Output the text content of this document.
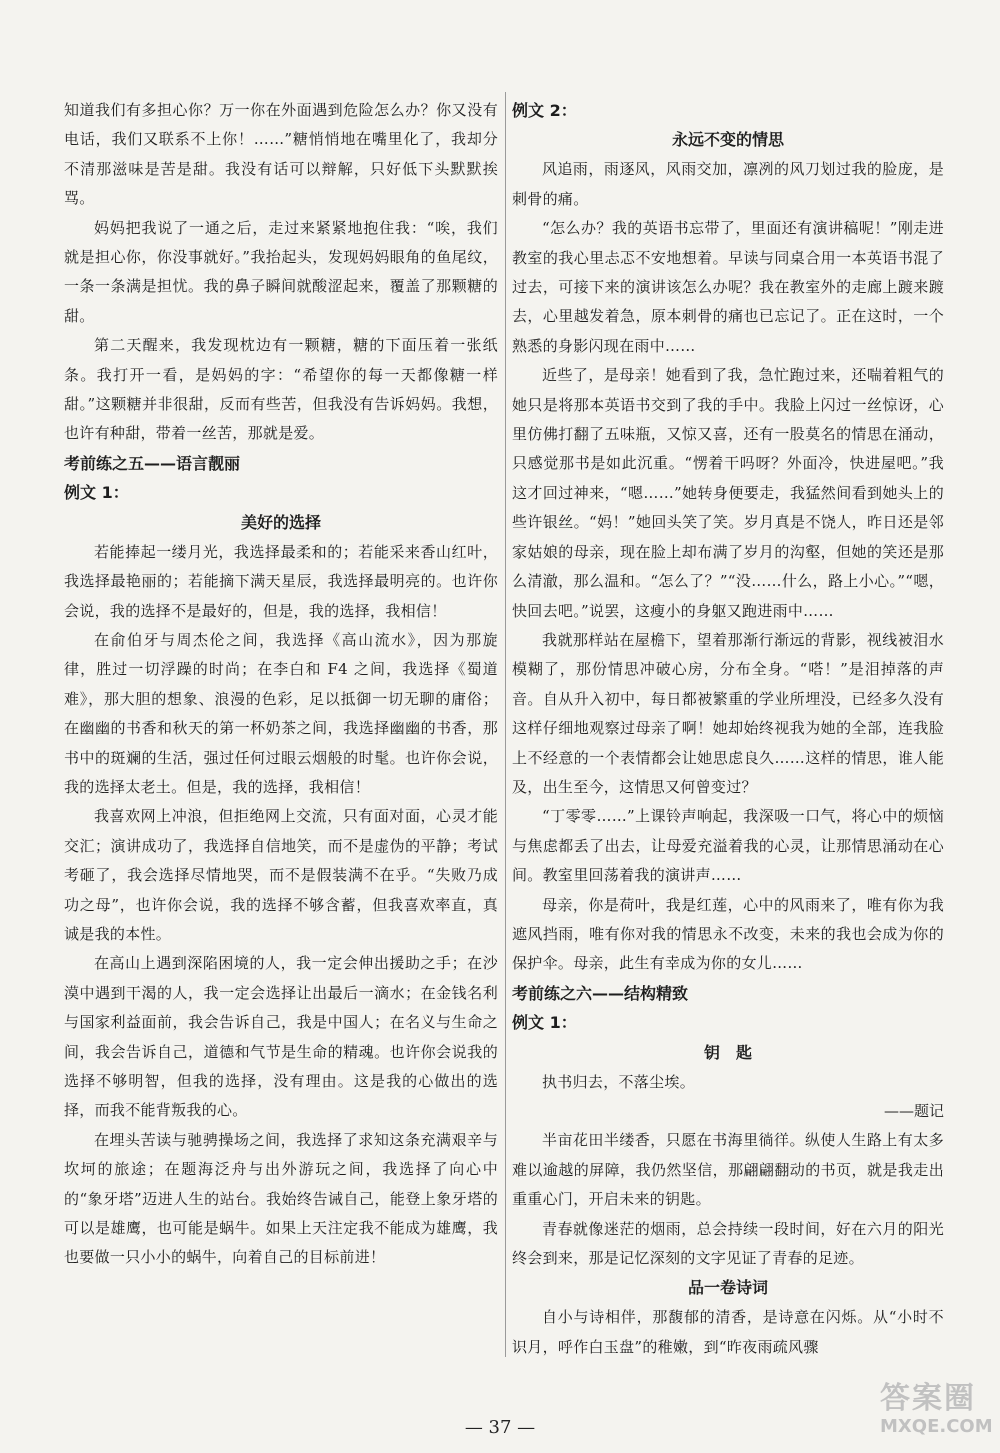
知道我们有多担心你？万一你在外面遇到危险怎么办？你又没有电话，我们又联系不上你！……”糖悄悄地在嘴里化了，我却分不清那滋味是苦是甜。我没有话可以辩解，只好低下头默默挨骂。

妈妈把我说了一通之后，走过来紧紧地抱住我：“唉，我们就是担心你，你没事就好。”我抬起头，发现妈妈眼角的鱼尾纹，一条一条满是担忧。我的鼻子瞬间就酸涩起来，覆盖了那颗糖的甜。

第二天醒来，我发现枕边有一颗糖，糖的下面压着一张纸条。我打开一看，是妈妈的字：“希望你的每一天都像糖一样甜。”这颗糖并非很甜，反而有些苦，但我没有告诉妈妈。我想，也许有种甜，带着一丝苦，那就是爱。

考前练之五——语言靓丽

例文 1：

美好的选择

若能捧起一缕月光，我选择最柔和的；若能采来香山红叶，我选择最艳丽的；若能摘下满天星辰，我选择最明亮的。也许你会说，我的选择不是最好的，但是，我的选择，我相信！

在俞伯牙与周杰伦之间，我选择《高山流水》，因为那旋律，胜过一切浮躁的时尚；在李白和 F4 之间，我选择《蜀道难》，那大胆的想象、浪漫的色彩，足以抵御一切无聊的庸俗；在幽幽的书香和秋天的第一杯奶茶之间，我选择幽幽的书香，那书中的斑斓的生活，强过任何过眼云烟般的时髦。也许你会说，我的选择太老土。但是，我的选择，我相信！

我喜欢网上冲浪，但拒绝网上交流，只有面对面，心灵才能交汇；演讲成功了，我选择自信地笑，而不是虚伪的平静；考试考砸了，我会选择尽情地哭，而不是假装满不在乎。“失败乃成功之母”，也许你会说，我的选择不够含蓄，但我喜欢率直，真诚是我的本性。

在高山上遇到深陷困境的人，我一定会伸出援助之手；在沙漠中遇到干渴的人，我一定会选择让出最后一滴水；在金钱名利与国家利益面前，我会告诉自己，我是中国人；在名义与生命之间，我会告诉自己，道德和气节是生命的精魂。也许你会说我的选择不够明智，但我的选择，没有理由。这是我的心做出的选择，而我不能背叛我的心。

在埋头苦读与驰骋操场之间，我选择了求知这条充满艰辛与坎坷的旅途；在题海泛舟与出外游玩之间，我选择了向心中的“象牙塔”迈进人生的站台。我始终告诫自己，能登上象牙塔的可以是雄鹰，也可能是蜗牛。如果上天注定我不能成为雄鹰，我也要做一只小小的蜗牛，向着自己的目标前进！

例文 2：

永远不变的情思

风追雨，雨逐风，风雨交加，凛冽的风刀划过我的脸庞，是刺骨的痛。

“怎么办？我的英语书忘带了，里面还有演讲稿呢！”刚走进教室的我心里忐忑不安地想着。早读与同桌合用一本英语书混了过去，可接下来的演讲该怎么办呢？我在教室外的走廊上踱来踱去，心里越发着急，原本刺骨的痛也已忘记了。正在这时，一个熟悉的身影闪现在雨中……

近些了，是母亲！她看到了我，急忙跑过来，还喘着粗气的她只是将那本英语书交到了我的手中。我脸上闪过一丝惊讶，心里仿佛打翻了五味瓶，又惊又喜，还有一股莫名的情思在涌动，只感觉那书是如此沉重。“愣着干吗呀？外面冷，快进屋吧。”我这才回过神来，“嗯……”她转身便要走，我猛然间看到她头上的些许银丝。“妈！”她回头笑了笑。岁月真是不饶人，昨日还是邻家姑娘的母亲，现在脸上却布满了岁月的沟壑，但她的笑还是那么清澈，那么温和。“怎么了？”“没……什么，路上小心。”“嗯，快回去吧。”说罢，这瘦小的身躯又跑进雨中……

我就那样站在屋檐下，望着那渐行渐远的背影，视线被泪水模糊了，那份情思冲破心房，分布全身。“嗒！”是泪掉落的声音。自从升入初中，每日都被繁重的学业所埋没，已经多久没有这样仔细地观察过母亲了啊！她却始终视我为她的全部，连我脸上不经意的一个表情都会让她思虑良久……这样的情思，谁人能及，出生至今，这情思又何曾变过？

“丁零零……”上课铃声响起，我深吸一口气，将心中的烦恼与焦虑都丢了出去，让母爱充溢着我的心灵，让那情思涌动在心间。教室里回荡着我的演讲声……

母亲，你是荷叶，我是红莲，心中的风雨来了，唯有你为我遮风挡雨，唯有你对我的情思永不改变，未来的我也会成为你的保护伞。母亲，此生有幸成为你的女儿……

考前练之六——结构精致

例文 1：

钥　匙

执书归去，不落尘埃。

——题记

半亩花田半缕香，只愿在书海里徜徉。纵使人生路上有太多难以逾越的屏障，我仍然坚信，那翩翩翻动的书页，就是我走出重重心门，开启未来的钥匙。

青春就像迷茫的烟雨，总会持续一段时间，好在六月的阳光终会到来，那是记忆深刻的文字见证了青春的足迹。

品一卷诗词

自小与诗相伴，那馥郁的清香，是诗意在闪烁。从“小时不识月，呼作白玉盘”的稚嫩，到“昨夜雨疏风骤

— 37 —
答案圈
MXQE.COM
